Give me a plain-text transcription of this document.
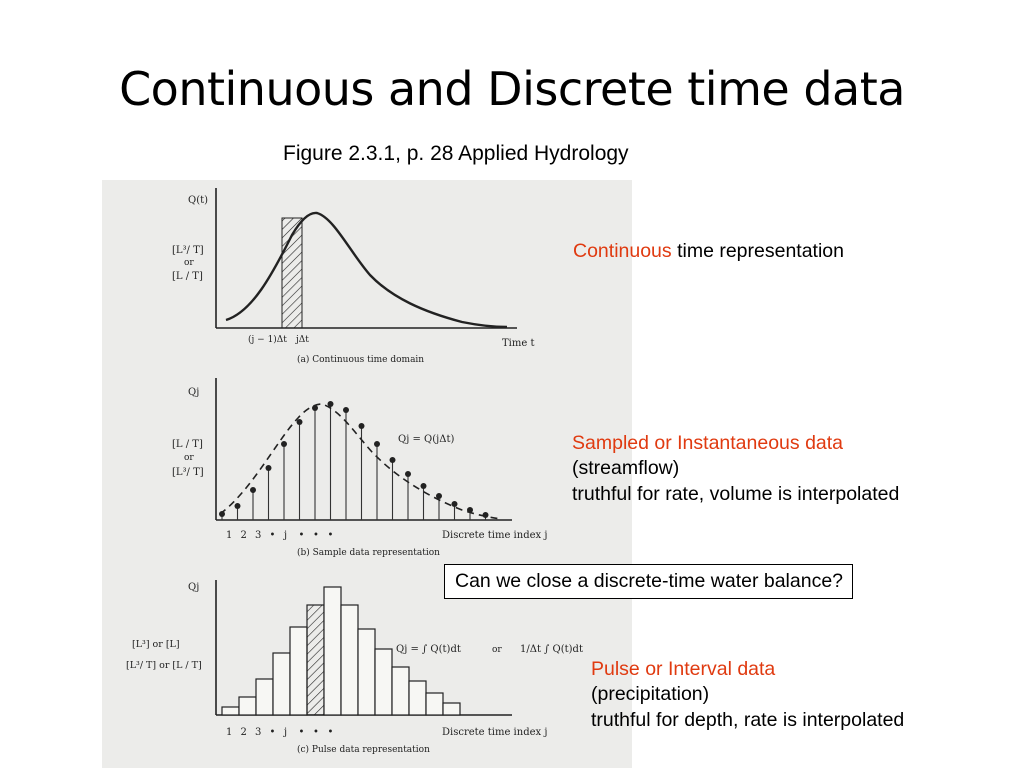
Continuous and Discrete time data
Figure 2.3.1, p. 28 Applied Hydrology
Q(t)
[L³/ T]
or
[L / T]
(j − 1)Δt jΔt	Time t
(a) Continuous time domain
Qj
[L / T]
or
[L³/ T]
Qj = Q(jΔt)
1 2 3 • j • • •	Discrete time index j
(b) Sample data representation
Qj
[L³] or [L]
[L³/ T] or [L / T]
Qj = ∫ Q(t)dt	or 1/Δt ∫ Q(t)dt
1 2 3 • j • • •	Discrete time index j
(c) Pulse data representation
Continuous time representation
Sampled or Instantaneous data
(streamflow)
truthful for rate, volume is interpolated
Can we close a discrete-time water balance?
Pulse or Interval data
(precipitation)
truthful for depth, rate is interpolated
